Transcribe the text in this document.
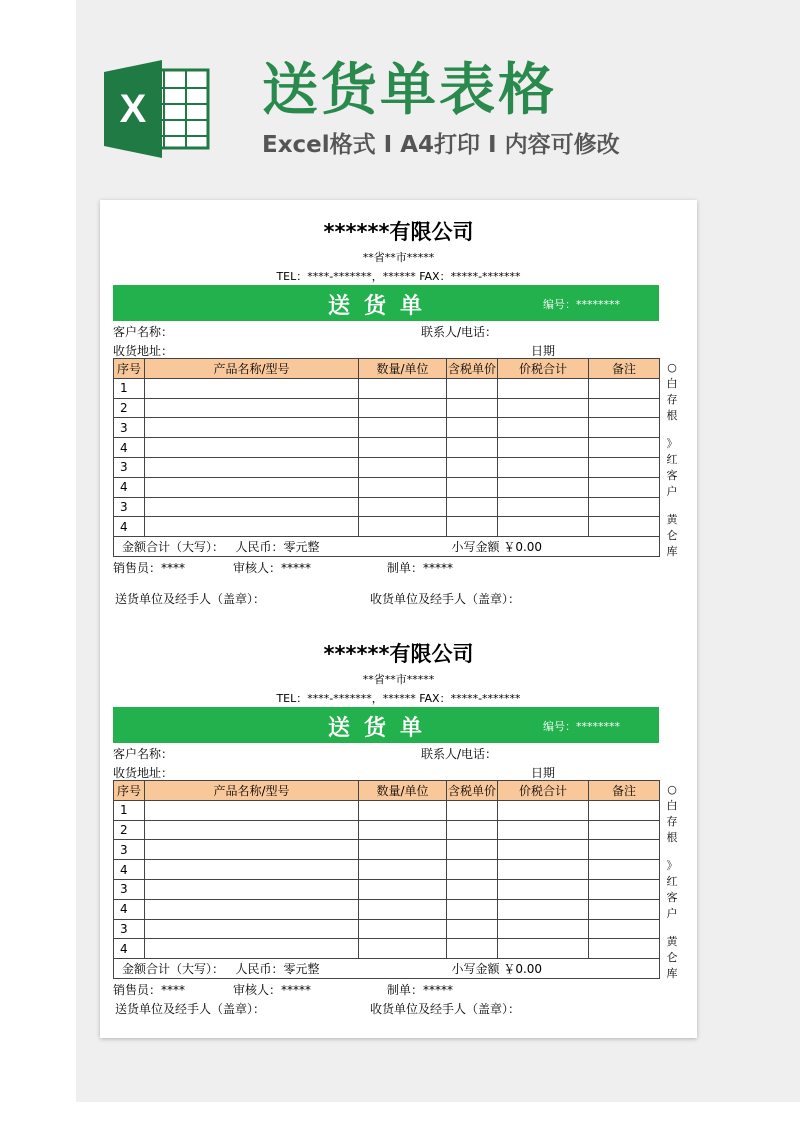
X 送货单表格
Excel格式 I A4打印 I 内容可修改
******有限公司
**省**市*****
TEL：****-*******，****** FAX：*****-*******
送货单	编号：********
客户名称：	联系人/电话：
收货地址：	日期
序号	产品名称/型号	数量/单位	含税单价	价税合计	备注
1					
2					
3					
4					
3					
4					
3					
4					
金额合计（大写）： 人民币：零元整 小写金额 ￥0.00					
○
白
存
根
》
红
客
户
黄
仑
库
销售员：****	审核人：*****	制单：*****
送货单位及经手人（盖章）：	收货单位及经手人（盖章）：
******有限公司
**省**市*****
TEL：****-*******，****** FAX：*****-*******
送货单	编号：********
客户名称：	联系人/电话：
收货地址：	日期
序号	产品名称/型号	数量/单位	含税单价	价税合计	备注
1					
2					
3					
4					
3					
4					
3					
4					
金额合计（大写）： 人民币：零元整 小写金额 ￥0.00					
○
白
存
根
》
红
客
户
黄
仑
库
销售员：****	审核人：*****	制单：*****
送货单位及经手人（盖章）：	收货单位及经手人（盖章）：
